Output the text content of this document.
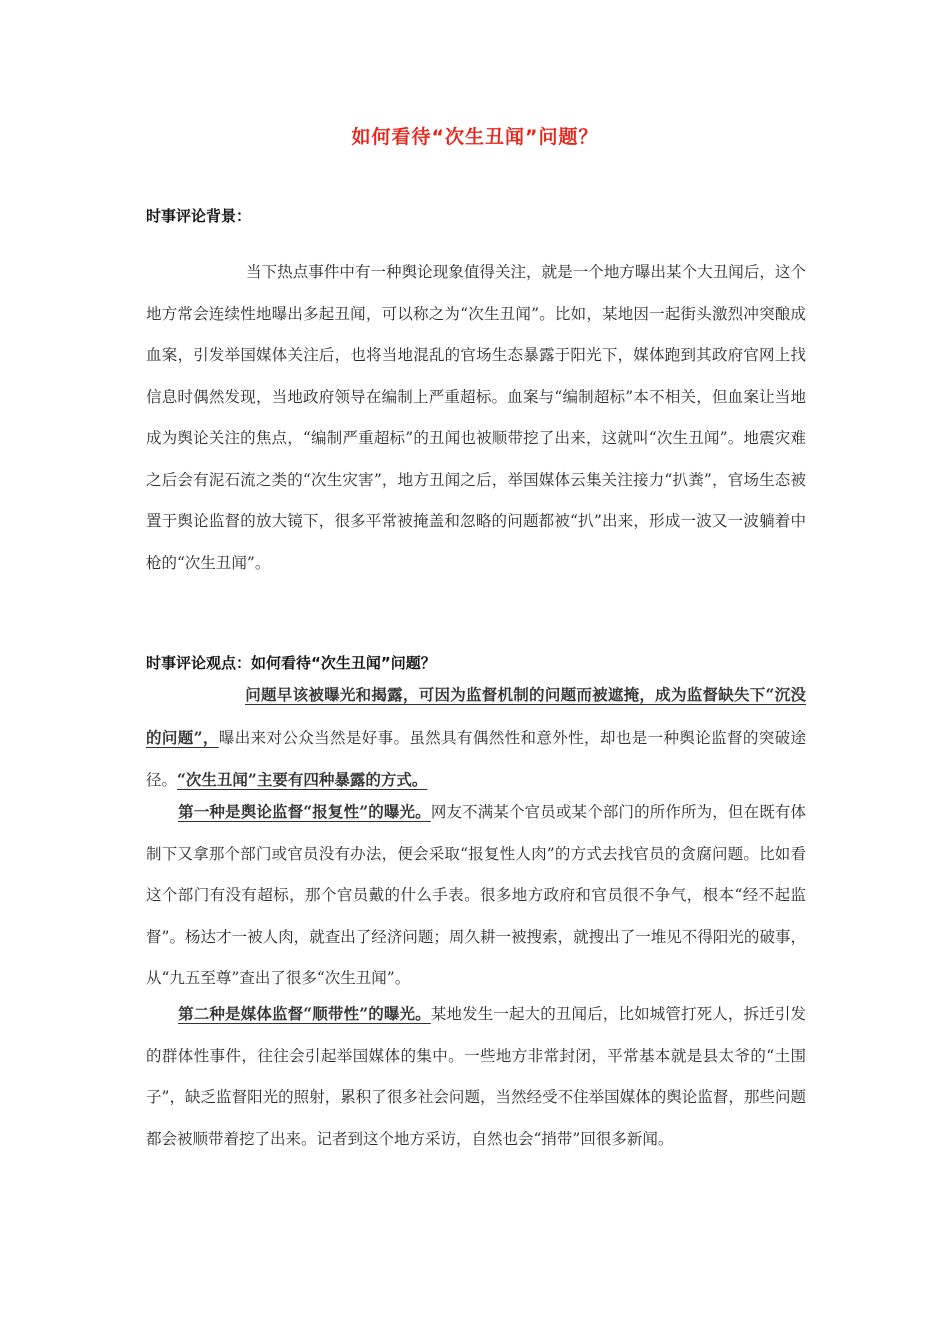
如何看待“次生丑闻”问题？
时事评论背景：

当下热点事件中有一种舆论现象值得关注，就是一个地方曝出某个大丑闻后，这个地方常会连续性地曝出多起丑闻，可以称之为“次生丑闻”。比如，某地因一起街头激烈冲突酿成血案，引发举国媒体关注后，也将当地混乱的官场生态暴露于阳光下，媒体跑到其政府官网上找信息时偶然发现，当地政府领导在编制上严重超标。血案与“编制超标”本不相关，但血案让当地成为舆论关注的焦点，“编制严重超标”的丑闻也被顺带挖了出来，这就叫“次生丑闻”。地震灾难之后会有泥石流之类的“次生灾害”，地方丑闻之后，举国媒体云集关注接力“扒粪”，官场生态被置于舆论监督的放大镜下，很多平常被掩盖和忽略的问题都被“扒”出来，形成一波又一波躺着中枪的“次生丑闻”。

时事评论观点：如何看待“次生丑闻”问题？

问题早该被曝光和揭露，可因为监督机制的问题而被遮掩，成为监督缺失下“沉没的问题”，曝出来对公众当然是好事。虽然具有偶然性和意外性，却也是一种舆论监督的突破途径。“次生丑闻”主要有四种暴露的方式。

第一种是舆论监督“报复性”的曝光。网友不满某个官员或某个部门的所作所为，但在既有体制下又拿那个部门或官员没有办法，便会采取“报复性人肉”的方式去找官员的贪腐问题。比如看这个部门有没有超标，那个官员戴的什么手表。很多地方政府和官员很不争气，根本“经不起监督”。杨达才一被人肉，就查出了经济问题；周久耕一被搜索，就搜出了一堆见不得阳光的破事，从“九五至尊”查出了很多“次生丑闻”。

第二种是媒体监督“顺带性”的曝光。某地发生一起大的丑闻后，比如城管打死人，拆迁引发的群体性事件，往往会引起举国媒体的集中。一些地方非常封闭，平常基本就是县太爷的“土围子”，缺乏监督阳光的照射，累积了很多社会问题，当然经受不住举国媒体的舆论监督，那些问题都会被顺带着挖了出来。记者到这个地方采访，自然也会“捎带”回很多新闻。
